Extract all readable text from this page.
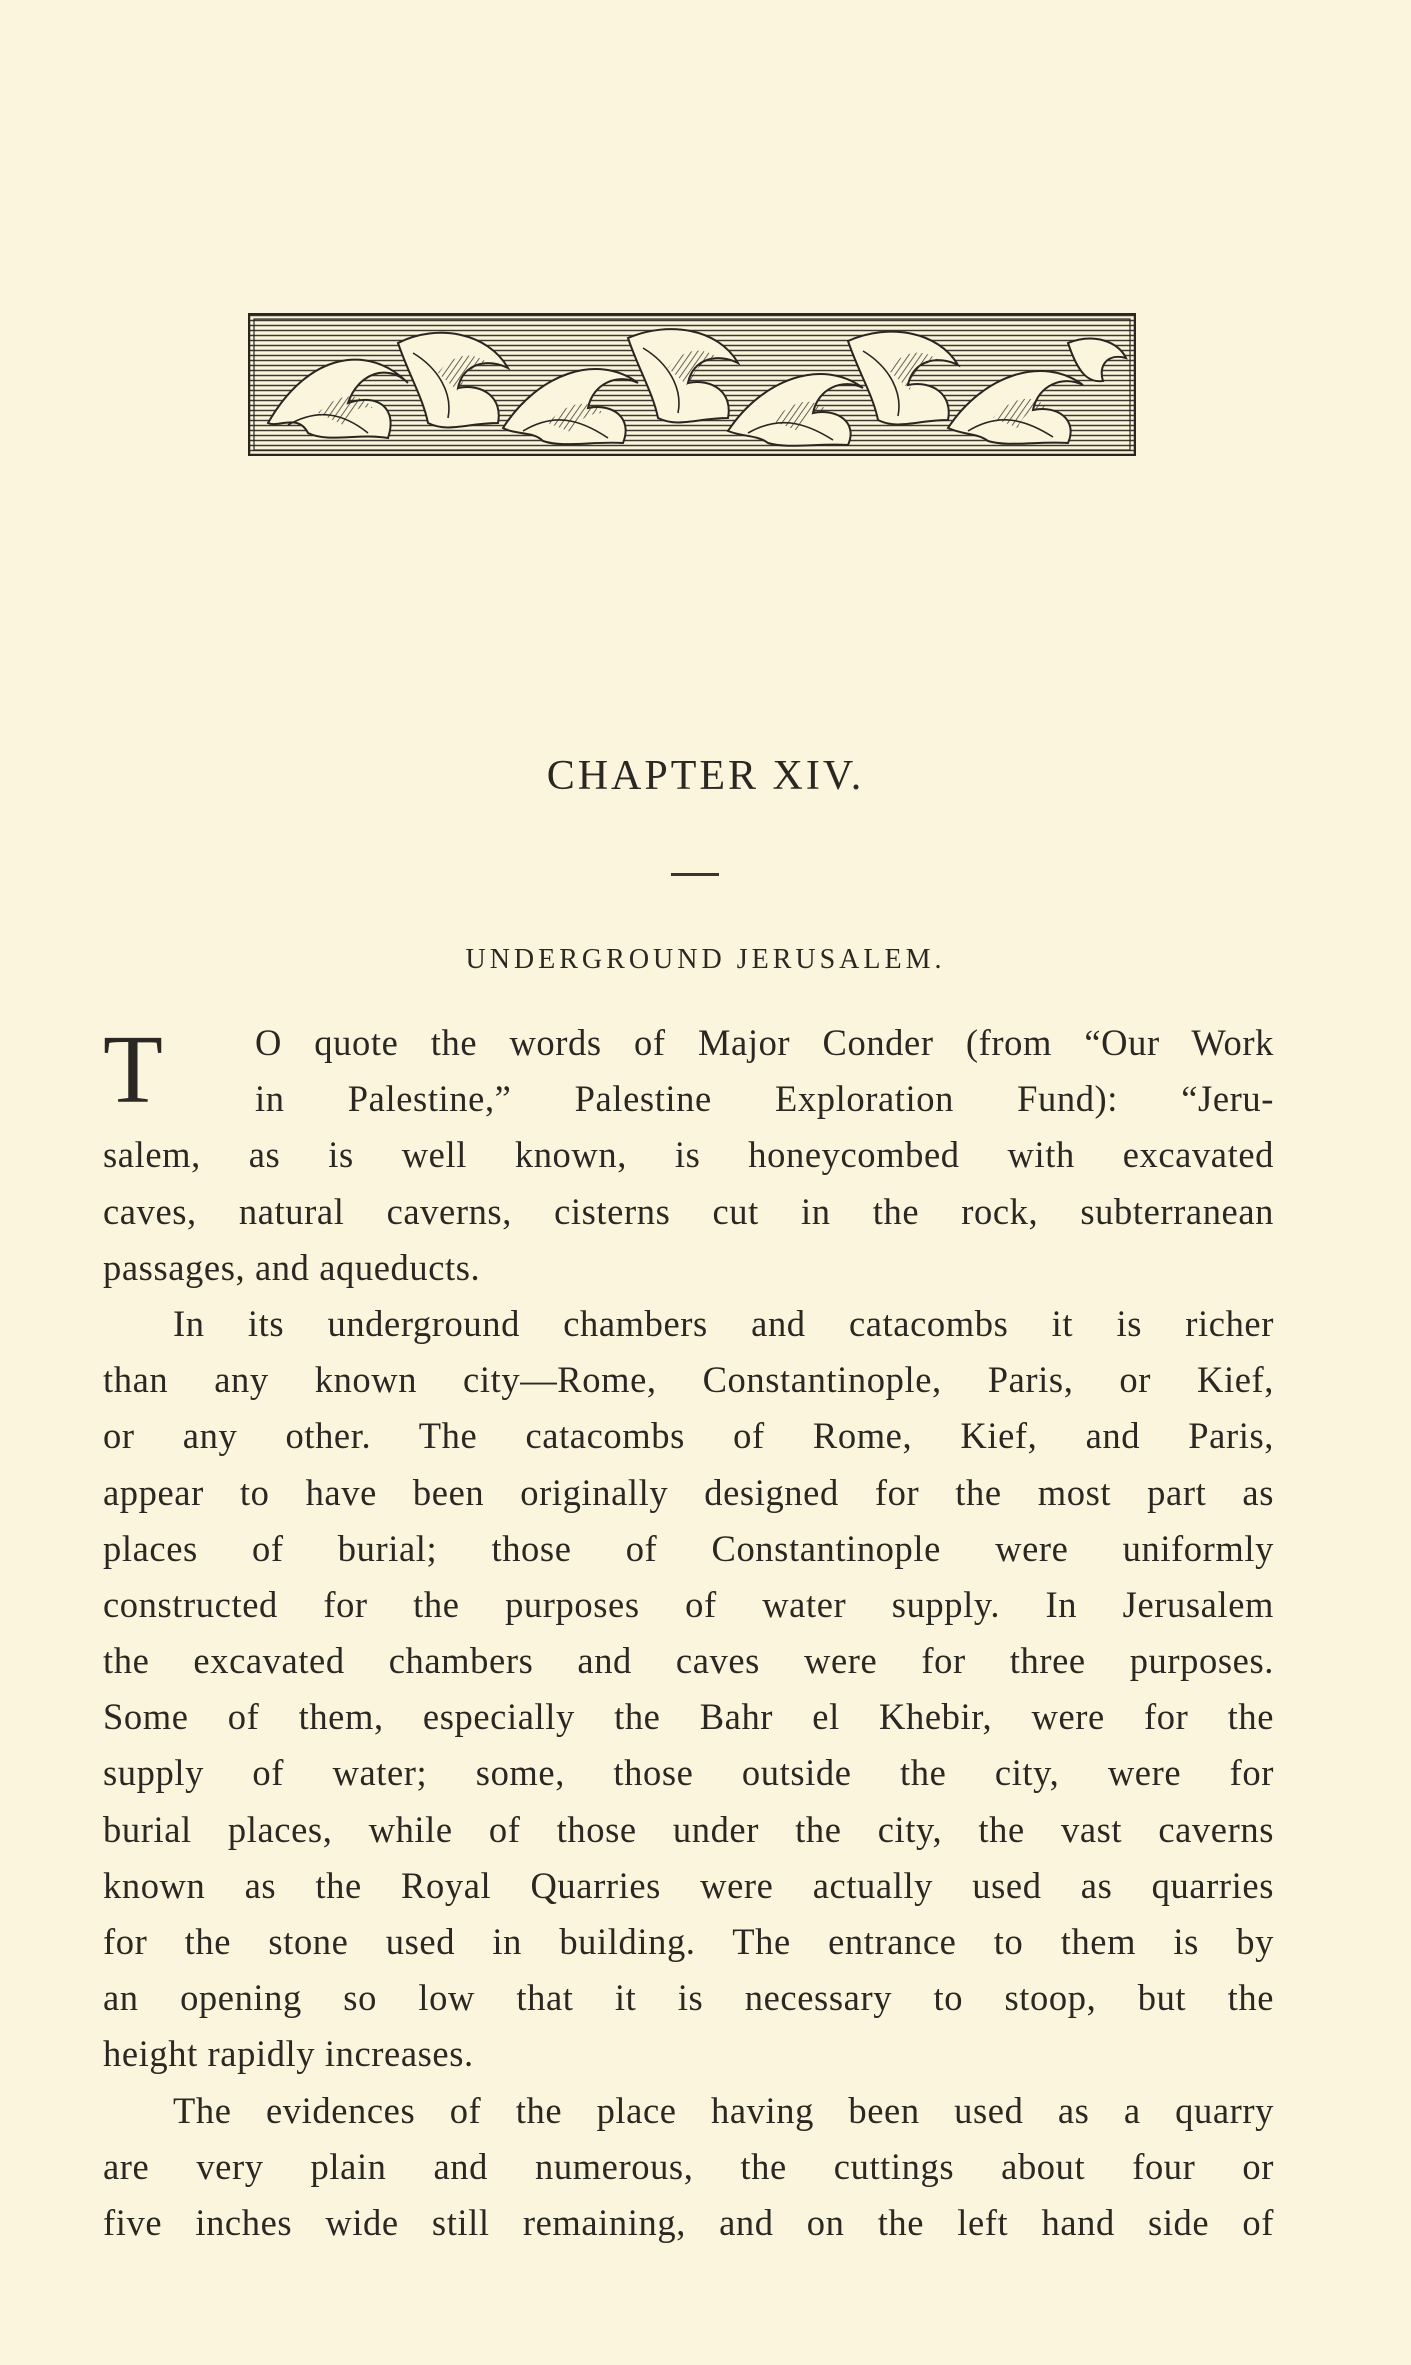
CHAPTER XIV.
UNDERGROUND JERUSALEM.
T	O quote the words of Major Conder (from “Our Work
in Palestine,” Palestine Exploration Fund): “Jeru-
salem, as is well known, is honeycombed with excavated
caves, natural caverns, cisterns cut in the rock, subterranean
passages, and aqueducts.
In its underground chambers and catacombs it is richer
than any known city—Rome, Constantinople, Paris, or Kief,
or any other. The catacombs of Rome, Kief, and Paris,
appear to have been originally designed for the most part as
places of burial; those of Constantinople were uniformly
constructed for the purposes of water supply. In Jerusalem
the excavated chambers and caves were for three purposes.
Some of them, especially the Bahr el Khebir, were for the
supply of water; some, those outside the city, were for
burial places, while of those under the city, the vast caverns
known as the Royal Quarries were actually used as quarries
for the stone used in building. The entrance to them is by
an opening so low that it is necessary to stoop, but the
height rapidly increases.
The evidences of the place having been used as a quarry
are very plain and numerous, the cuttings about four or
five inches wide still remaining, and on the left hand side of
